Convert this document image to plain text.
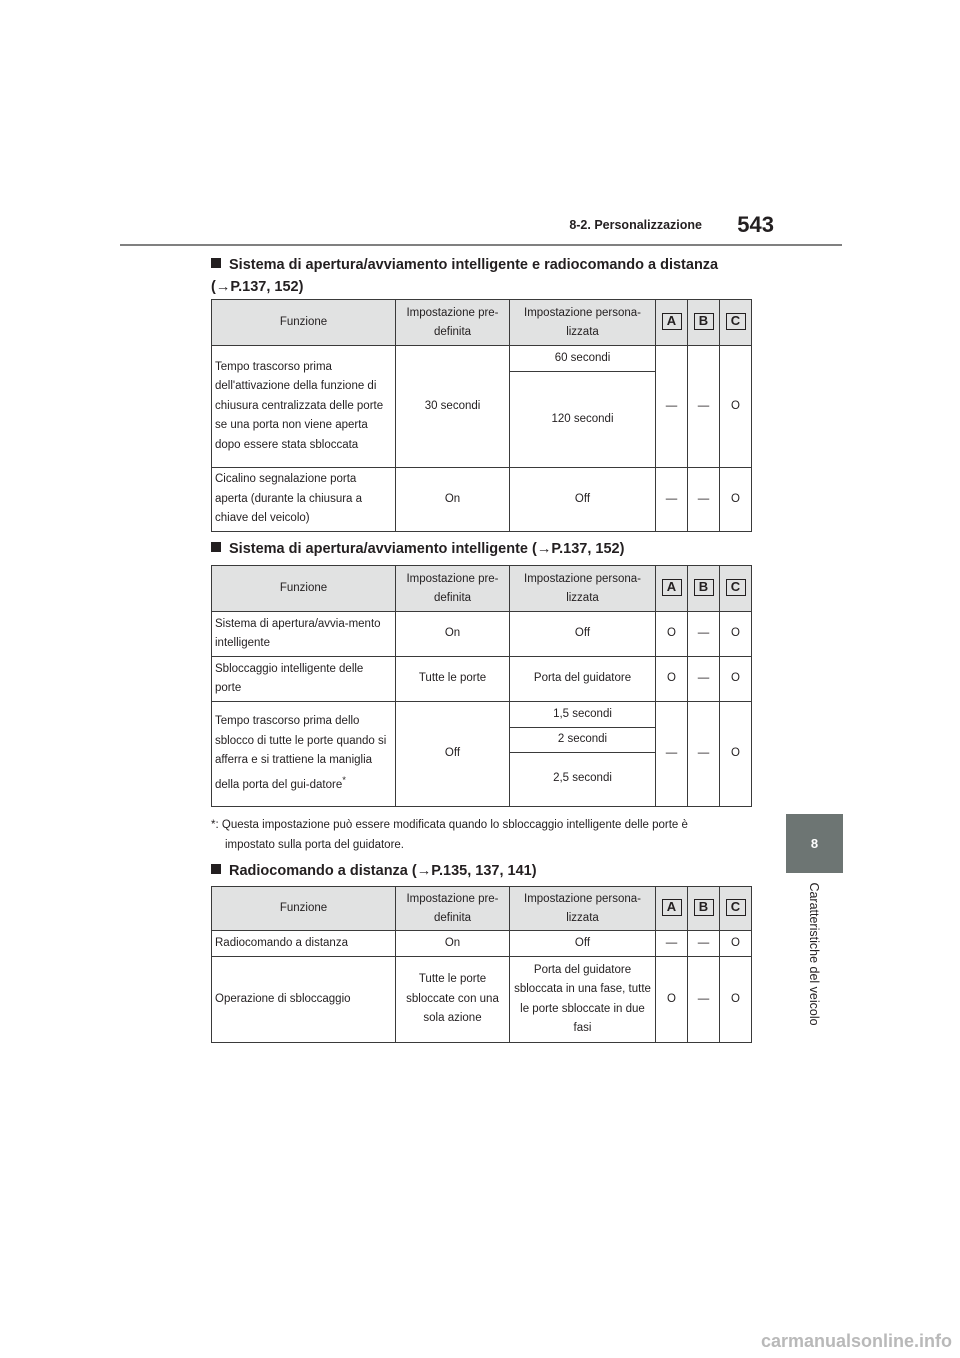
8-2. Personalizzazione 543
8
Caratteristiche del veicolo
Sistema di apertura/avviamento intelligente e radiocomando a distanza (→P.137, 152)
Funzione	Impostazione pre-definita	Impostazione persona-lizzata	A	B	C
Tempo trascorso prima dell'attivazione della funzione di chiusura centralizzata delle porte se una porta non viene aperta dopo essere stata sbloccata	30 secondi	60 secondi	—	—	O
		120 secondi			
Cicalino segnalazione porta aperta (durante la chiusura a chiave del veicolo)	On	Off	—	—	O
Sistema di apertura/avviamento intelligente (→P.137, 152)
Funzione	Impostazione pre-definita	Impostazione persona-lizzata	A	B	C
Sistema di apertura/avvia-mento intelligente	On	Off	O	—	O
Sbloccaggio intelligente delle porte	Tutte le porte	Porta del guidatore	O	—	O
Tempo trascorso prima dello sblocco di tutte le porte quando si afferra e si trattiene la maniglia della porta del gui-datore*	Off	1,5 secondi	—	—	O
		2 secondi			
		2,5 secondi			
*: Questa impostazione può essere modificata quando lo sbloccaggio intelligente delle porte è
impostato sulla porta del guidatore.
Radiocomando a distanza (→P.135, 137, 141)
Funzione	Impostazione pre-definita	Impostazione persona-lizzata	A	B	C
Radiocomando a distanza	On	Off	—	—	O
Operazione di sbloccaggio	Tutte le porte sbloccate con una sola azione	Porta del guidatore sbloccata in una fase, tutte le porte sbloccate in due fasi	O	—	O
carmanualsonline.info
